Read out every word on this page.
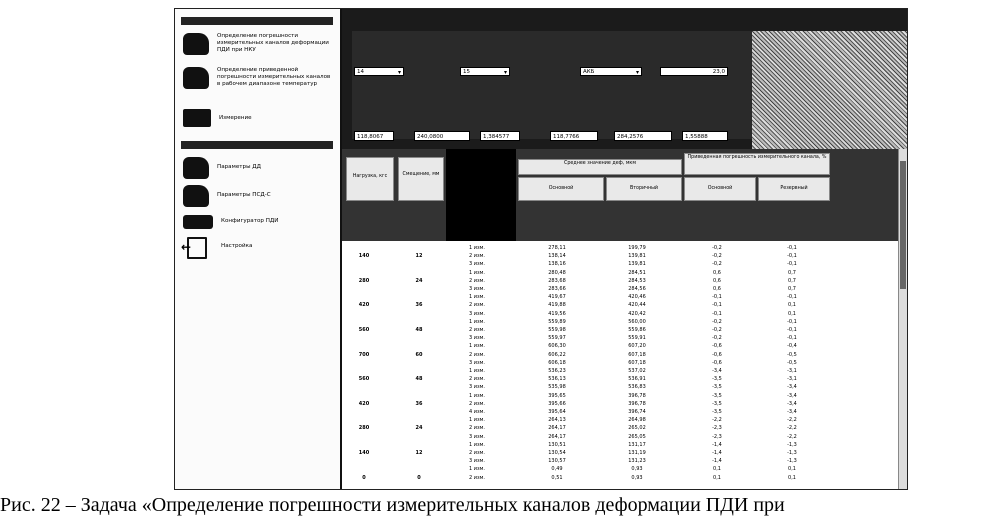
Определение погрешности измерительных каналов деформации ПДИ при НКУ
Определение приведенной погрешности измерительных каналов в рабочем диапазоне температур
Измерение
Параметры ДД
Параметры ПСД-С
Конфигуратор ПДИ
←
Настройка
14 ▾	15 ▾	АКБ ▾	23,0
118,8067	240,0800	1,384577	118,7766	284,2576	1,55888
Нагрузка, кгс	Смещение, мм
Среднее значение деф, мкм
Приведенная погрешность измерительного канала, %
Основной	Вторичный	Основной	Резервный
1 изм.	278,11	199,79	-0,2	-0,1
140	12	2 изм.	138,14	139,81	-0,2	-0,1
3 изм.	138,16	139,81	-0,2	-0,1
1 изм.	280,48	284,51	0,6	0,7
280	24	2 изм.	283,68	284,53	0,6	0,7
3 изм.	283,66	284,56	0,6	0,7
1 изм.	419,67	420,46	-0,1	-0,1
420	36	2 изм.	419,88	420,44	-0,1	0,1
3 изм.	419,56	420,42	-0,1	0,1
1 изм.	559,89	560,00	-0,2	-0,1
560	48	2 изм.	559,98	559,86	-0,2	-0,1
3 изм.	559,97	559,91	-0,2	-0,1
1 изм.	606,30	607,20	-0,6	-0,4
700	60	2 изм.	606,22	607,18	-0,6	-0,5
3 изм.	606,18	607,18	-0,6	-0,5
1 изм.	536,23	537,02	-3,4	-3,1
560	48	2 изм.	536,13	536,91	-3,5	-3,1
3 изм.	535,98	536,83	-3,5	-3,4
1 изм.	395,65	396,78	-3,5	-3,4
420	36	2 изм.	395,66	396,78	-3,5	-3,4
4 изм.	395,64	396,74	-3,5	-3,4
1 изм.	264,13	264,98	-2,2	-2,2
280	24	2 изм.	264,17	265,02	-2,3	-2,2
3 изм.	264,17	265,05	-2,3	-2,2
1 изм.	130,51	131,17	-1,4	-1,3
140	12	2 изм.	130,54	131,19	-1,4	-1,3
3 изм.	130,57	131,23	-1,4	-1,3
1 изм.	0,49	0,93	0,1	0,1
0	0	2 изм.	0,51	0,93	0,1	0,1
Рис. 22 – Задача «Определение погрешности измерительных каналов деформации ПДИ при
